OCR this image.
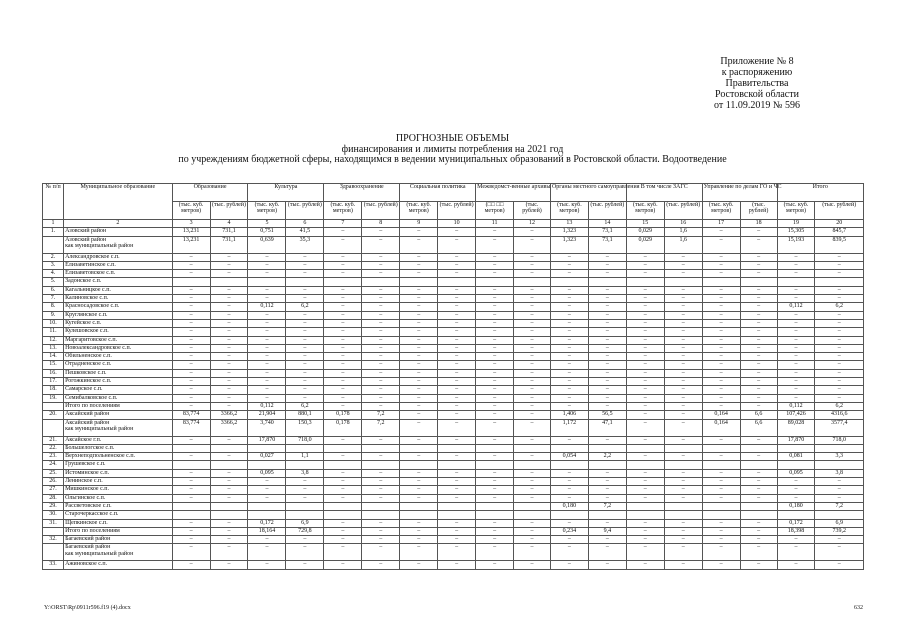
Приложение № 8
к распоряжению
Правительства
Ростовской области
от 11.09.2019 № 596
ПРОГНОЗНЫЕ ОБЪЕМЫ
финансирования и лимиты потребления на 2021 год
по учреждениям бюджетной сферы, находящимся в ведении муниципальных образований в Ростовской области. Водоотведение
№ п/п	Муниципальное образование	Образование		Культура		Здравоохранение		Социальная политика		Межведомст-венные архивы		Органы местного самоуправления		В том числе ЗАГС		Управление по делам ГО и ЧС		Итого	
		(тыс. куб. метров)	(тыс. рублей)	(тыс. куб. метров)	(тыс. рублей)	(тыс. куб. метров)	(тыс. рублей)	(тыс. куб. метров)	(тыс. рублей)	(□□ □□ метров)	(тыс. рублей)	(тыс. куб. метров)	(тыс. рублей)	(тыс. куб. метров)	(тыс. рублей)	(тыс. куб. метров)	(тыс. рублей)	(тыс. куб. метров)	(тыс. рублей)
1	2	3	4	5	6	7	8	9	10	11	12	13	14	15	16	17	18	19	20
1.	Азовский район	13,231	731,1	0,751	41,5	–	–	–	–	–	–	1,323	73,1	0,029	1,6	–	–	15,305	845,7

	Азовский район
как муниципальный район	13,231	731,1	0,639	35,3	–	–	–	–	–	–	1,323	73,1	0,029	1,6	–	–	15,193	839,5
2.	Александровское с.п.	–	–	–	–	–	–	–	–	–	–	–	–	–	–	–	–	–	–
3.	Елизаветинское с.п.	–	–	–	–	–	–	–	–	–	–	–	–	–	–	–	–	–	–
4.	Елизаветовское с.п.	–	–	–	–	–	–	–	–	–	–	–	–	–	–	–	–	–	–
5.	Задонское с.п.																		

6.	Кагальницкое с.п.	–	–	–	–	–	–	–	–	–	–	–	–	–	–	–	–	–	–
7.	Калиновское с.п.	–	–	–	–	–	–	–	–	–	–	–	–	–	–	–	–	–	–
8.	Красносадовское с.п.	–	–	0,112	6,2	–	–	–	–	–	–	–	–	–	–	–	–	0,112	6,2
9.	Круглянское с.п.	–	–	–	–	–	–	–	–	–	–	–	–	–	–	–	–	–	–
10.	Кугейское с.п.	–	–	–	–	–	–	–	–	–	–	–	–	–	–	–	–	–	–
11.	Кулешовское с.п.	–	–	–	–	–	–	–	–	–	–	–	–	–	–	–	–	–	–
12.	Маргаритовское с.п.	–	–	–	–	–	–	–	–	–	–	–	–	–	–	–	–	–	–
13.	Новоалександровское с.п.	–	–	–	–	–	–	–	–	–	–	–	–	–	–	–	–	–	–
14.	Обильненское с.п.	–	–	–	–	–	–	–	–	–	–	–	–	–	–	–	–	–	–
15.	Отрадненское с.п.	–	–	–	–	–	–	–	–	–	–	–	–	–	–	–	–	–	–
16.	Пешковское с.п.	–	–	–	–	–	–	–	–	–	–	–	–	–	–	–	–	–	–
17.	Рогожкинское с.п.	–	–	–	–	–	–	–	–	–	–	–	–	–	–	–	–	–	–
18.	Самарское с.п.	–	–	–	–	–	–	–	–	–	–	–	–	–	–	–	–	–	–
19.	Семибалковское с.п.	–	–	–	–	–	–	–	–	–	–	–	–	–	–	–	–	–	–

	Итого по поселениям	–	–	0,112	6,2	–	–	–	–	–	–	–	–	–	–	–	–	0,112	6,2
20.	Аксайский район	83,774	3366,2	21,904	880,1	0,178	7,2	–	–	–	–	1,406	56,5	–	–	0,164	6,6	107,426	4316,6

	Аксайский район
как муниципальный район	83,774	3366,2	3,740	150,3	0,178	7,2	–	–	–	–	1,172	47,1	–	–	0,164	6,6	89,028	3577,4
21.	Аксайское г.п.	–	–	17,870	718,0	–	–	–	–	–	–	–	–	–	–	–	–	17,870	718,0
22.	Большелогское с.п.																		

23.	Верхнеподпольненское с.п.	–	–	0,027	1,1	–	–	–	–	–	–	0,054	2,2	–	–	–	–	0,081	3,3
24.	Грушевское с.п.																		

25.	Истоминское с.п.	–	–	0,095	3,8	–	–	–	–	–	–	–	–	–	–	–	–	0,095	3,8
26.	Ленинское с.п.	–	–	–	–	–	–	–	–	–	–	–	–	–	–	–	–	–	–
27.	Мишкинское с.п.	–	–	–	–	–	–	–	–	–	–	–	–	–	–	–	–	–	–
28.	Ольгинское с.п.	–	–	–	–	–	–	–	–	–	–	–	–	–	–	–	–	–	–
29.	Рассветовское с.п.											0,180	7,2					0,180	7,2
30.	Старочеркасское с.п.																		

31.	Щепкинское с.п.	–	–	0,172	6,9	–	–	–	–	–	–	–	–	–	–	–	–	0,172	6,9

	Итого по поселениям	–	–	18,164	729,8	–	–	–	–	–	–	0,234	9,4	–	–	–	–	18,398	739,2
32.	Багаевский район	–	–	–	–	–	–	–	–	–	–	–	–	–	–	–	–	–	–

	Багаевский район
как муниципальный район	–	–	–	–	–	–	–	–	–	–	–	–	–	–	–	–	–	–
33.	Ажиновское с.п.	–	–	–	–	–	–	–	–	–	–	–	–	–	–	–	–	–	–
Y:\ORST\Rp\0911r596.f19 (4).docx	632
